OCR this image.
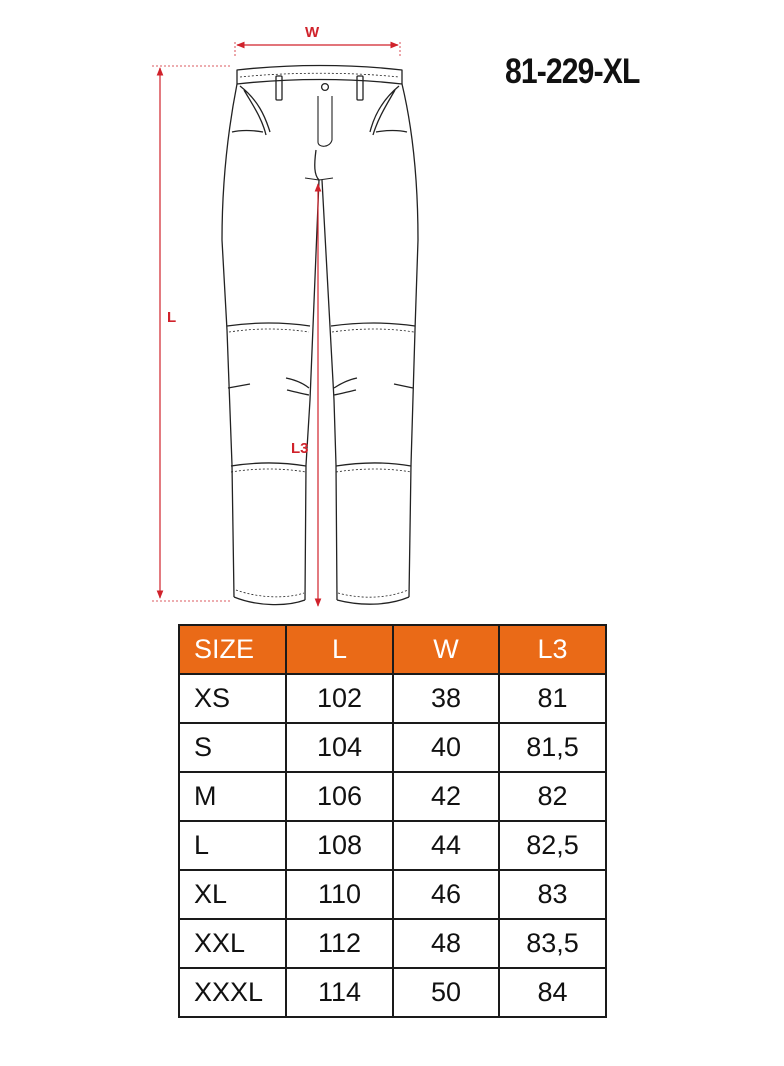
W
L
L3
81-229-XL
SIZE	L	W	L3
XS	102	38	81
S	104	40	81,5
M	106	42	82
L	108	44	82,5
XL	110	46	83
XXL	112	48	83,5
XXXL	114	50	84
